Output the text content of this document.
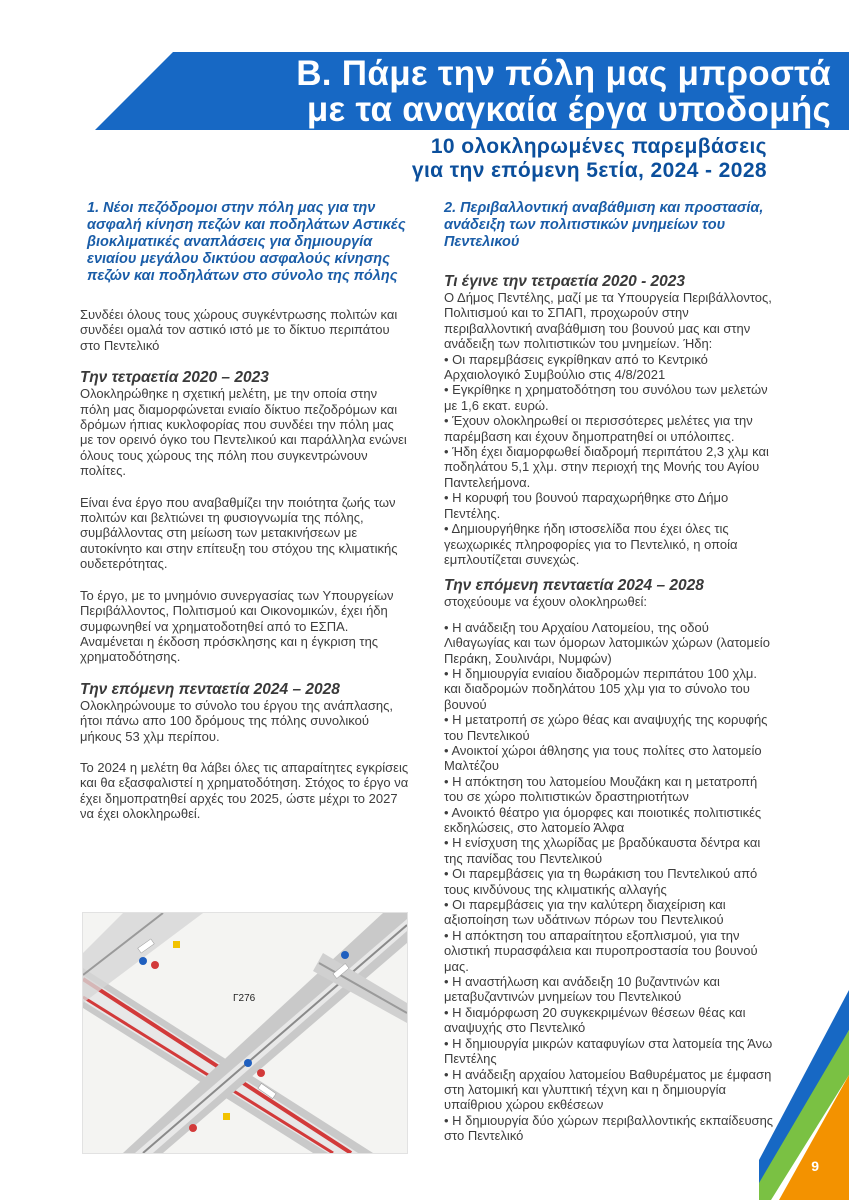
Β. Πάμε την πόλη μας μπροστά
με τα αναγκαία έργα υποδομής
10 ολοκληρωμένες παρεμβάσεις
για την επόμενη 5ετία, 2024 - 2028
1. Νέοι πεζόδρομοι στην πόλη μας για την ασφαλή κίνηση πεζών και ποδηλάτων Αστικές βιοκλιματικές αναπλάσεις για δημιουργία ενιαίου μεγάλου δικτύου ασφαλούς κίνησης πεζών και ποδηλάτων στο σύνολο της πόλης

Συνδέει όλους τους χώρους συγκέντρωσης πολιτών και συνδέει ομαλά τον αστικό ιστό με το δίκτυο περιπάτου στο Πεντελικό

Την τετραετία 2020 – 2023

Ολοκληρώθηκε η σχετική μελέτη, με την οποία στην πόλη μας διαμορφώνεται ενιαίο δίκτυο πεζοδρόμων και δρόμων ήπιας κυκλοφορίας που συνδέει την πόλη μας με τον ορεινό όγκο του Πεντελικού και παράλληλα ενώνει όλους τους χώρους της πόλη που συγκεντρώνουν πολίτες.

Είναι ένα έργο που αναβαθμίζει την ποιότητα ζωής των πολιτών και βελτιώνει τη φυσιογνωμία της πόλης, συμβάλλοντας στη μείωση των μετακινήσεων με αυτοκίνητο και στην επίτευξη του στόχου της κλιματικής ουδετερότητας.

Το έργο, με το μνημόνιο συνεργασίας των Υπουργείων Περιβάλλοντος, Πολιτισμού και Οικονομικών, έχει ήδη συμφωνηθεί να χρηματοδοτηθεί από το ΕΣΠΑ. Αναμένεται η έκδοση πρόσκλησης και η έγκριση της χρηματοδότησης.

Την επόμενη πενταετία 2024 – 2028

Ολοκληρώνουμε το σύνολο του έργου της ανάπλασης, ήτοι πάνω απο 100 δρόμους της πόλης συνολικού μήκους 53 χλμ περίπου.

Το 2024 η μελέτη θα λάβει όλες τις απαραίτητες εγκρίσεις και θα εξασφαλιστεί η χρηματοδότηση. Στόχος το έργο να έχει δημοπρατηθεί αρχές του 2025, ώστε μέχρι το 2027 να έχει ολοκληρωθεί.

Γ276
2. Περιβαλλοντική αναβάθμιση και προστασία, ανάδειξη των πολιτιστικών μνημείων του Πεντελικού
Τι έγινε την τετραετία 2020 - 2023
Ο Δήμος Πεντέλης, μαζί με τα Υπουργεία Περιβάλλοντος, Πολιτισμού και το ΣΠΑΠ, προχωρούν στην περιβαλλοντική αναβάθμιση του βουνού μας και στην ανάδειξη των πολιτιστικών του μνημείων. Ήδη:
• Οι παρεμβάσεις εγκρίθηκαν από το Κεντρικό Αρχαιολογικό Συμβούλιο στις 4/8/2021
• Εγκρίθηκε η χρηματοδότηση του συνόλου των μελετών με 1,6 εκατ. ευρώ.
• Έχουν ολοκληρωθεί οι περισσότερες μελέτες για την παρέμβαση και έχουν δημοπρατηθεί οι υπόλοιπες.
• Ήδη έχει διαμορφωθεί διαδρομή περιπάτου 2,3 χλμ και ποδηλάτου 5,1 χλμ. στην περιοχή της Μονής του Αγίου Παντελεήμονα.
• Η κορυφή του βουνού παραχωρήθηκε στο Δήμο Πεντέλης.
• Δημιουργήθηκε ήδη ιστοσελίδα που έχει όλες τις γεωχωρικές πληροφορίες για το Πεντελικό, η οποία εμπλουτίζεται συνεχώς.
Την επόμενη πενταετία 2024 – 2028
στοχεύουμε να έχουν ολοκληρωθεί:
• Η ανάδειξη του Αρχαίου Λατομείου, της οδού Λιθαγωγίας και των όμορων λατομικών χώρων (λατομείο Περάκη, Σουλινάρι, Νυμφών)
• Η δημιουργία ενιαίου διαδρομών περιπάτου 100 χλμ. και διαδρομών ποδηλάτου 105 χλμ για το σύνολο του βουνού
• Η μετατροπή σε χώρο θέας και αναψυχής της κορυφής του Πεντελικού
• Ανοικτοί χώροι άθλησης για τους πολίτες στο λατομείο Μαλτέζου
• Η απόκτηση του λατομείου Μουζάκη και η μετατροπή του σε χώρο πολιτιστικών δραστηριοτήτων
• Ανοικτό θέατρο για όμορφες και ποιοτικές πολιτιστικές εκδηλώσεις, στο λατομείο Άλφα
• Η ενίσχυση της χλωρίδας με βραδύκαυστα δέντρα και της πανίδας του Πεντελικού
• Οι παρεμβάσεις για τη θωράκιση του Πεντελικού από τους κινδύνους της κλιματικής αλλαγής
• Οι παρεμβάσεις για την καλύτερη διαχείριση και αξιοποίηση των υδάτινων πόρων του Πεντελικού
• Η απόκτηση του απαραίτητου εξοπλισμού, για την ολιστική πυρασφάλεια και πυροπροστασία του βουνού μας.
• Η αναστήλωση και ανάδειξη 10 βυζαντινών και μεταβυζαντινών μνημείων του Πεντελικού
• Η διαμόρφωση 20 συγκεκριμένων θέσεων θέας και αναψυχής στο Πεντελικό
• Η δημιουργία μικρών καταφυγίων στα λατομεία της Άνω Πεντέλης
• Η ανάδειξη αρχαίου λατομείου Βαθυρέματος με έμφαση στη λατομική και γλυπτική τέχνη και η δημιουργία υπαίθριου χώρου εκθέσεων
• Η δημιουργία δύο χώρων περιβαλλοντικής εκπαίδευσης στο Πεντελικό
9
